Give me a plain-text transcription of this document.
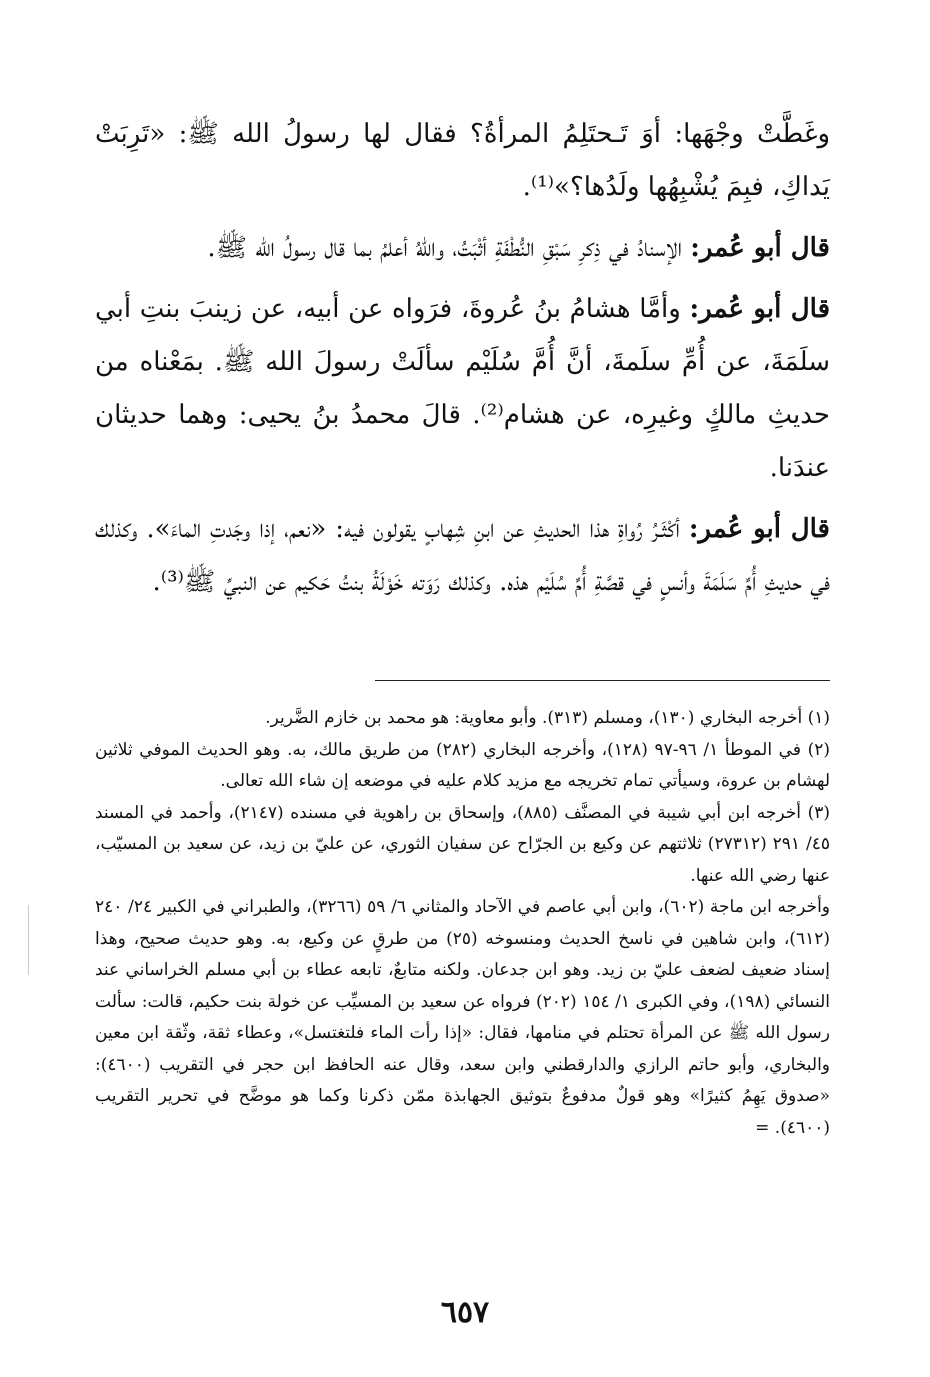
وغَطَّتْ وجْهَها: أوَ تَـحتَلِمُ المرأةُ؟ فقال لها رسولُ الله ﷺ: «تَرِبَتْ يَداكِ، فبِمَ يُشْبِهُها ولَدُها؟»⁽¹⁾.

قال أبو عُمر: الإسنادُ في ذِكرِ سَبْقِ النُّطْفَةِ أثْبَتُ، واللهُ أعلمُ بما قال رسولُ الله ﷺ.

قال أبو عُمر: وأمَّا هشامُ بنُ عُروةَ، فرَواه عن أبيه، عن زينبَ بنتِ أبي سلَمَةَ، عن أُمِّ سلَمةَ، أنَّ أُمَّ سُلَيْم سألَتْ رسولَ الله ﷺ. بمَعْناه من حديثِ مالكٍ وغيرِه، عن هشام⁽²⁾. قالَ محمدُ بنُ يحيى: وهما حديثان عندَنا.

قال أبو عُمر: أكْثَـرُ رُواةِ هذا الحديثِ عن ابنِ شِهابٍ يقولون فيه: «نعم، إذا وجَدتِ الماءَ». وكذلك في حديثِ أُمِّ سَلَمَةَ وأنسٍ في قصَّةِ أُمِّ سُلَيْم هذه. وكذلك رَوَته خَوْلَةُ بنتُ حَكيم عن النبيِّ ﷺ⁽³⁾.

(١) أخرجه البخاري (١٣٠)، ومسلم (٣١٣). وأبو معاوية: هو محمد بن خازم الضَّرير.

(٢) في الموطأ ١/ ٩٦-٩٧ (١٢٨)، وأخرجه البخاري (٢٨٢) من طريق مالك، به. وهو الحديث الموفي ثلاثين لهشام بن عروة، وسيأتي تمام تخريجه مع مزيد كلام عليه في موضعه إن شاء الله تعالى.

(٣) أخرجه ابن أبي شيبة في المصنَّف (٨٨٥)، وإسحاق بن راهوية في مسنده (٢١٤٧)، وأحمد في المسند ٤٥/ ٢٩١ (٢٧٣١٢) ثلاثتهم عن وكيع بن الجرّاح عن سفيان الثوري، عن عليّ بن زيد، عن سعيد بن المسيّب، عنها رضي الله عنها.

وأخرجه ابن ماجة (٦٠٢)، وابن أبي عاصم في الآحاد والمثاني ٦/ ٥٩ (٣٢٦٦)، والطبراني في الكبير ٢٤/ ٢٤٠ (٦١٢)، وابن شاهين في ناسخ الحديث ومنسوخه (٢٥) من طرقٍ عن وكيع، به. وهو حديث صحيح، وهذا إسناد ضعيف لضعف عليّ بن زيد. وهو ابن جدعان. ولكنه متابعٌ، تابعه عطاء بن أبي مسلم الخراساني عند النسائي (١٩٨)، وفي الكبرى ١/ ١٥٤ (٢٠٢) فرواه عن سعيد بن المسيِّب عن خولة بنت حكيم، قالت: سألت رسول الله ﷺ عن المرأة تحتلم في منامها، فقال: «إذا رأت الماء فلتغتسل»، وعطاء ثقة، وثّقة ابن معين والبخاري، وأبو حاتم الرازي والدارقطني وابن سعد، وقال عنه الحافظ ابن حجر في التقريب (٤٦٠٠): «صدوق يَهِمُ كثيرًا» وهو قولٌ مدفوعٌ بتوثيق الجهابذة ممّن ذكرنا وكما هو موضَّح في تحرير التقريب (٤٦٠٠). =

٦٥٧
